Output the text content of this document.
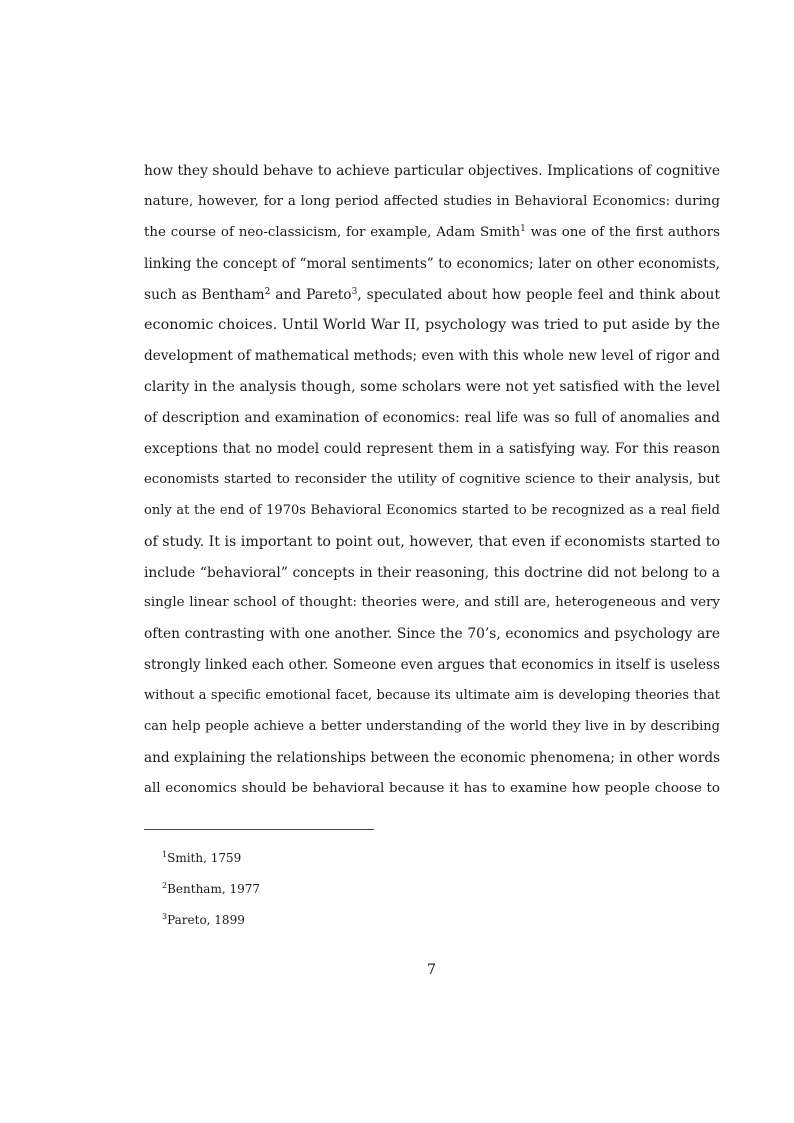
how they should behave to achieve particular objectives. Implications of cognitive
nature, however, for a long period affected studies in Behavioral Economics: during
the course of neo-classicism, for example, Adam Smith$^1$ was one of the first authors
linking the concept of “moral sentiments” to economics; later on other economists,
such as Bentham$^2$ and Pareto$^3$, speculated about how people feel and think about
economic choices. Until World War II, psychology was tried to put aside by the
development of mathematical methods; even with this whole new level of rigor and
clarity in the analysis though, some scholars were not yet satisfied with the level
of description and examination of economics: real life was so full of anomalies and
exceptions that no model could represent them in a satisfying way. For this reason
economists started to reconsider the utility of cognitive science to their analysis, but
only at the end of 1970s Behavioral Economics started to be recognized as a real field
of study. It is important to point out, however, that even if economists started to
include “behavioral” concepts in their reasoning, this doctrine did not belong to a
single linear school of thought: theories were, and still are, heterogeneous and very
often contrasting with one another. Since the 70’s, economics and psychology are
strongly linked each other. Someone even argues that economics in itself is useless
without a specific emotional facet, because its ultimate aim is developing theories that
can help people achieve a better understanding of the world they live in by describing
and explaining the relationships between the economic phenomena; in other words
all economics should be behavioral because it has to examine how people choose to
$^1$Smith, 1759
$^2$Bentham, 1977
$^3$Pareto, 1899
7
